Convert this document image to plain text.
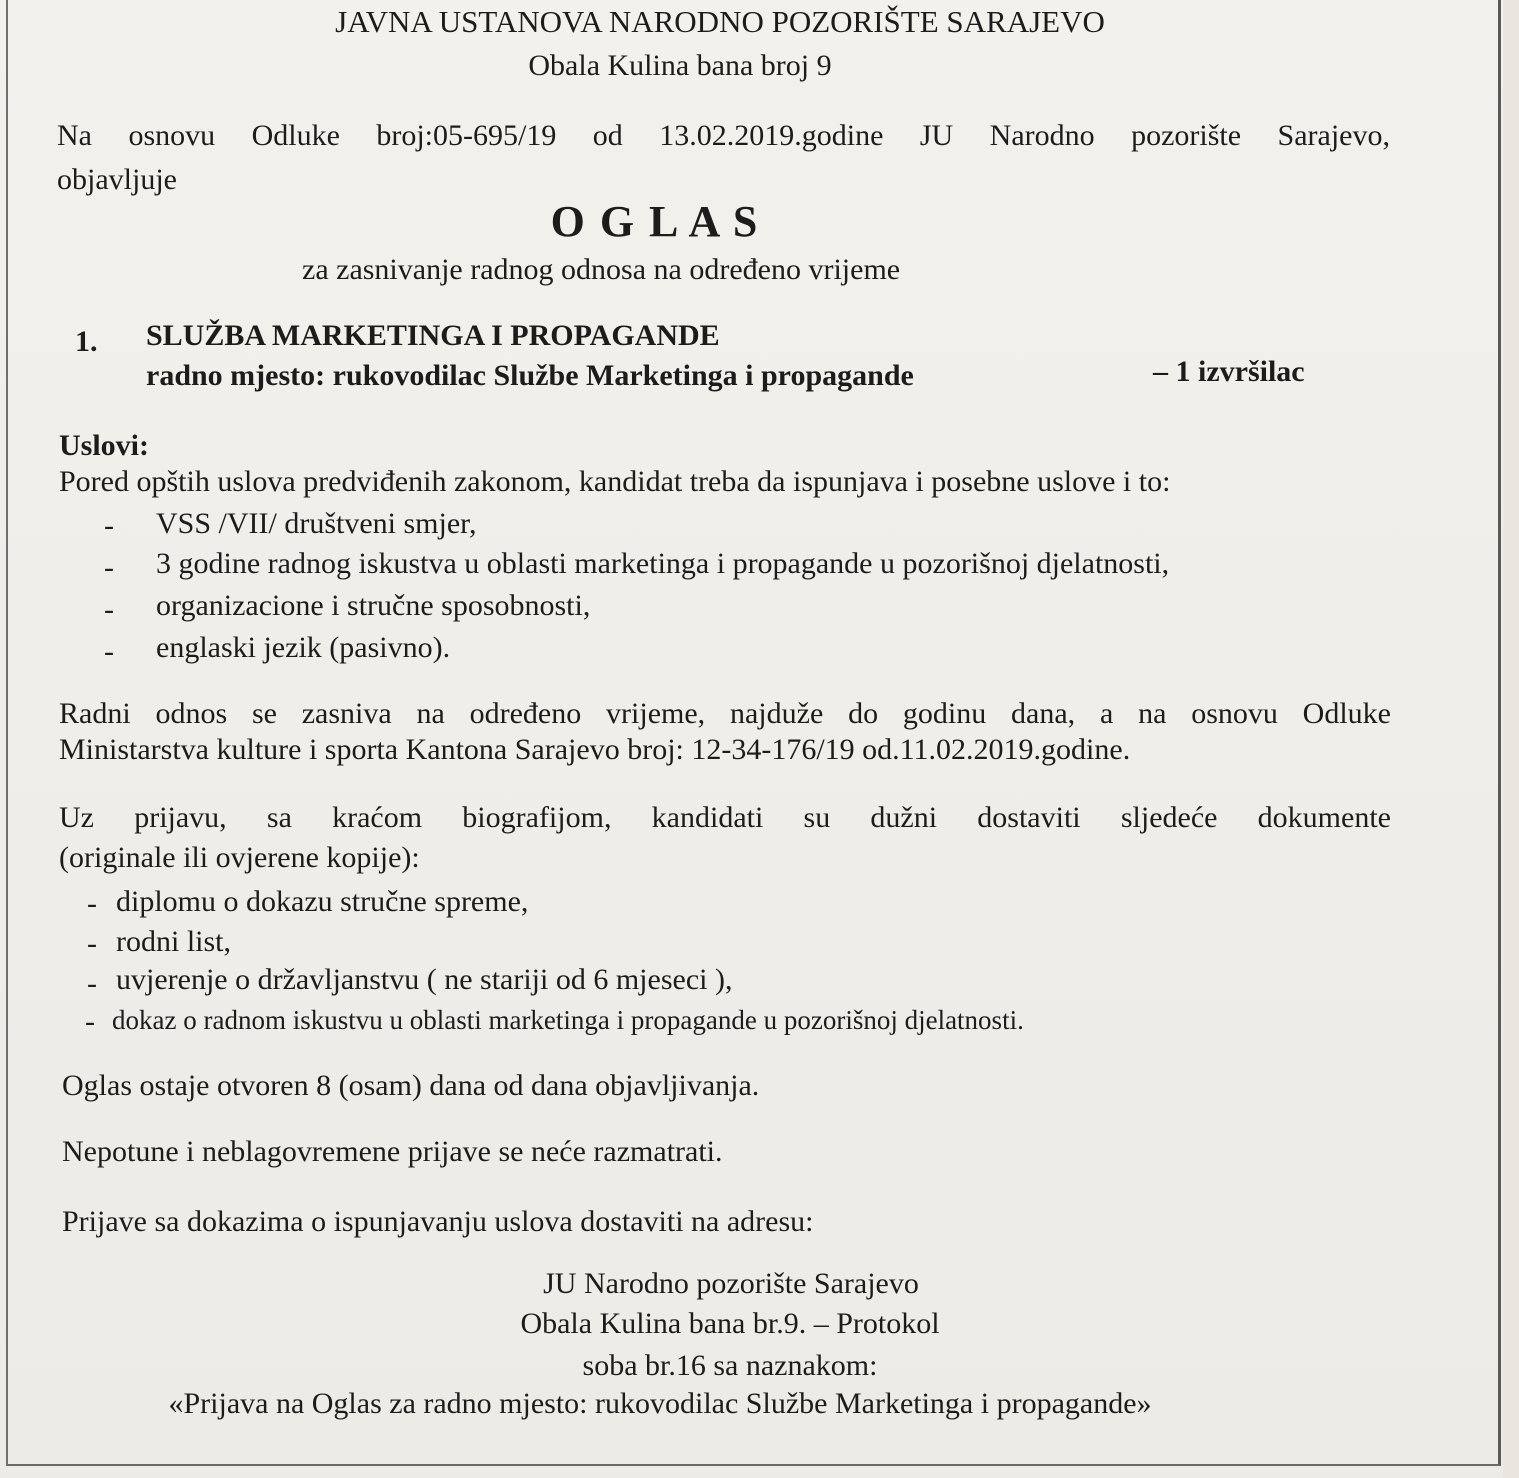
JAVNA USTANOVA NARODNO POZORIŠTE SARAJEVO
Obala Kulina bana broj 9
Na osnovu Odluke broj:05-695/19 od 13.02.2019.godine JU Narodno pozorište Sarajevo,
objavljuje
O G L A S
za zasnivanje radnog odnosa na određeno vrijeme
1. SLUŽBA MARKETINGA I PROPAGANDE
radno mjesto: rukovodilac Službe Marketinga i propagande	– 1 izvršilac
Uslovi:
Pored opštih uslova predviđenih zakonom, kandidat treba da ispunjava i posebne uslove i to:
- VSS /VII/ društveni smjer,
- 3 godine radnog iskustva u oblasti marketinga i propagande u pozorišnoj djelatnosti,
- organizacione i stručne sposobnosti,
- englaski jezik (pasivno).
Radni odnos se zasniva na određeno vrijeme, najduže do godinu dana, a na osnovu Odluke
Ministarstva kulture i sporta Kantona Sarajevo broj: 12-34-176/19 od.11.02.2019.godine.
Uz prijavu, sa kraćom biografijom, kandidati su dužni dostaviti sljedeće dokumente
(originale ili ovjerene kopije):
- diplomu o dokazu stručne spreme,
- rodni list,
- uvjerenje o državljanstvu ( ne stariji od 6 mjeseci ),
- dokaz o radnom iskustvu u oblasti marketinga i propagande u pozorišnoj djelatnosti.
Oglas ostaje otvoren 8 (osam) dana od dana objavljivanja.
Nepotune i neblagovremene prijave se neće razmatrati.
Prijave sa dokazima o ispunjavanju uslova dostaviti na adresu:
JU Narodno pozorište Sarajevo
Obala Kulina bana br.9. – Protokol
soba br.16 sa naznakom:
«Prijava na Oglas za radno mjesto: rukovodilac Službe Marketinga i propagande»
